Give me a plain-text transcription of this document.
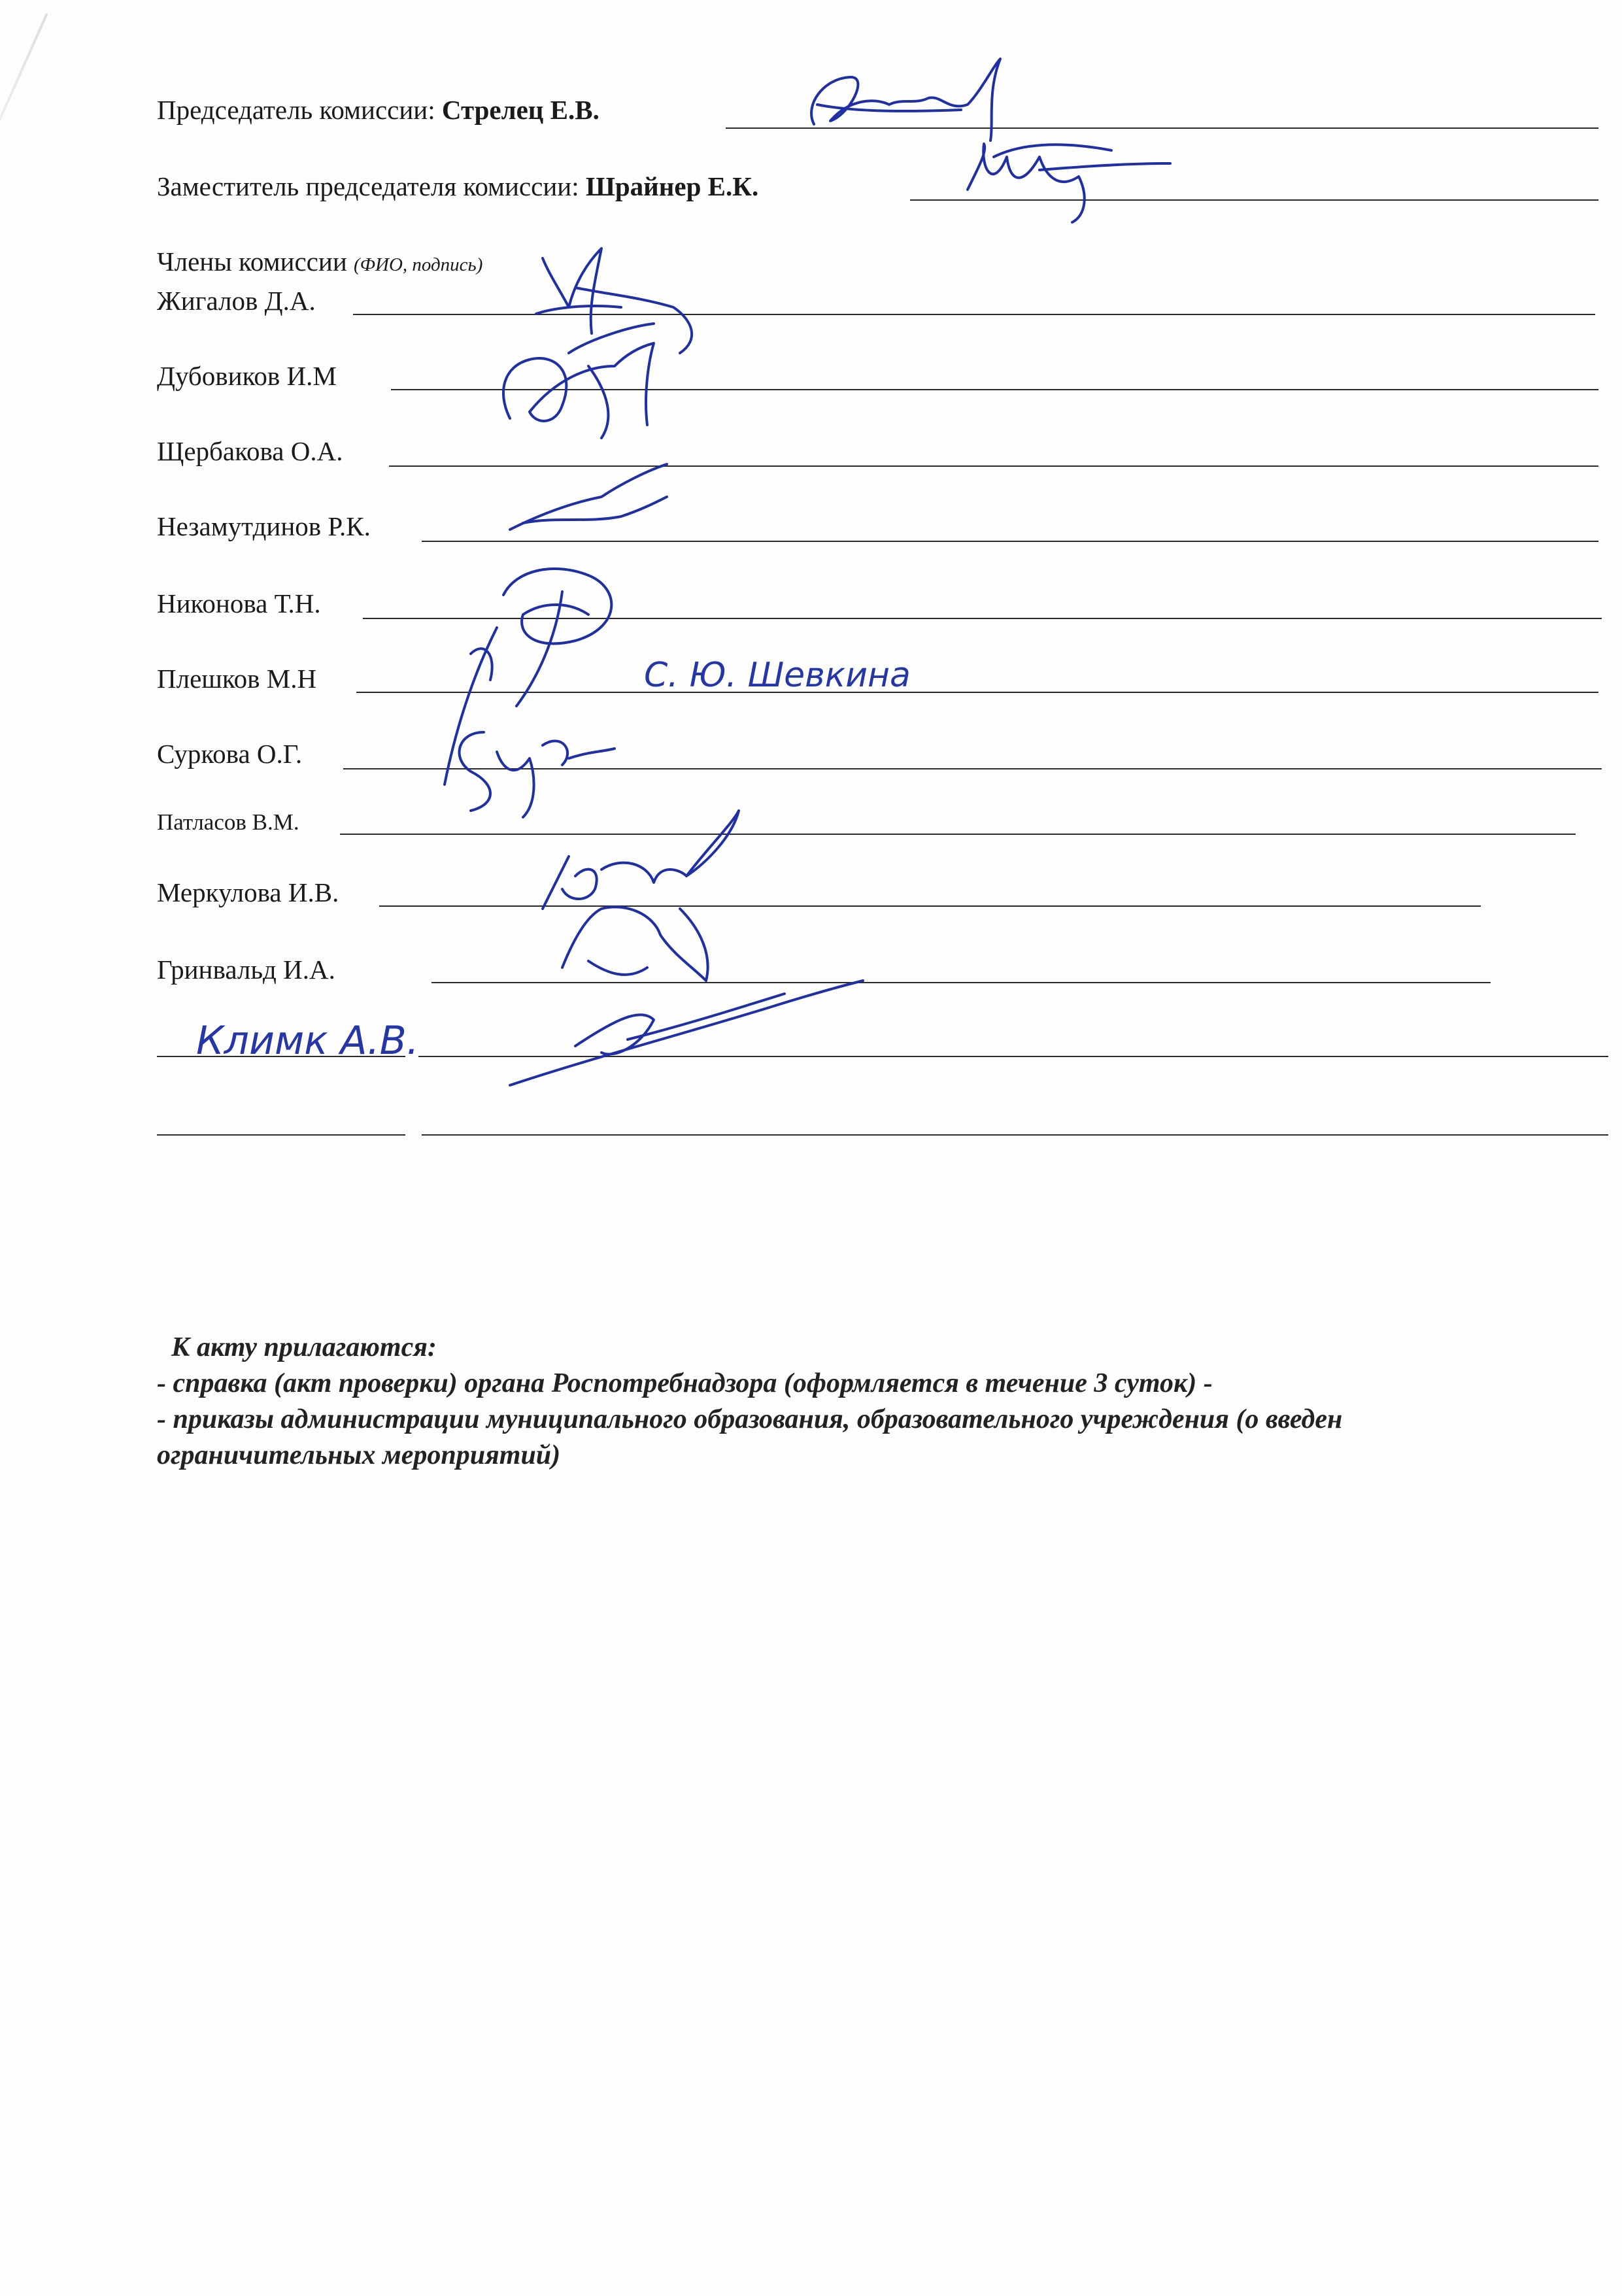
Председатель комиссии: Стрелец Е.В.
Заместитель председателя комиссии: Шрайнер Е.К.
Члены комиссии (ФИО, подпись)
Жигалов Д.А.
Дубовиков И.М
Щербакова О.А.
Незамутдинов Р.К.
Никонова Т.Н.
Плешков М.Н
Суркова О.Г.
Патласов В.М.
Меркулова И.В.
Гринвальд И.А.
С. Ю. Шевкина
Климк А.В.
К акту прилагаются:
- справка (акт проверки) органа Роспотребнадзора (оформляется в течение 3 суток) -
- приказы администрации муниципального образования, образовательного учреждения (о введен
ограничительных мероприятий)
